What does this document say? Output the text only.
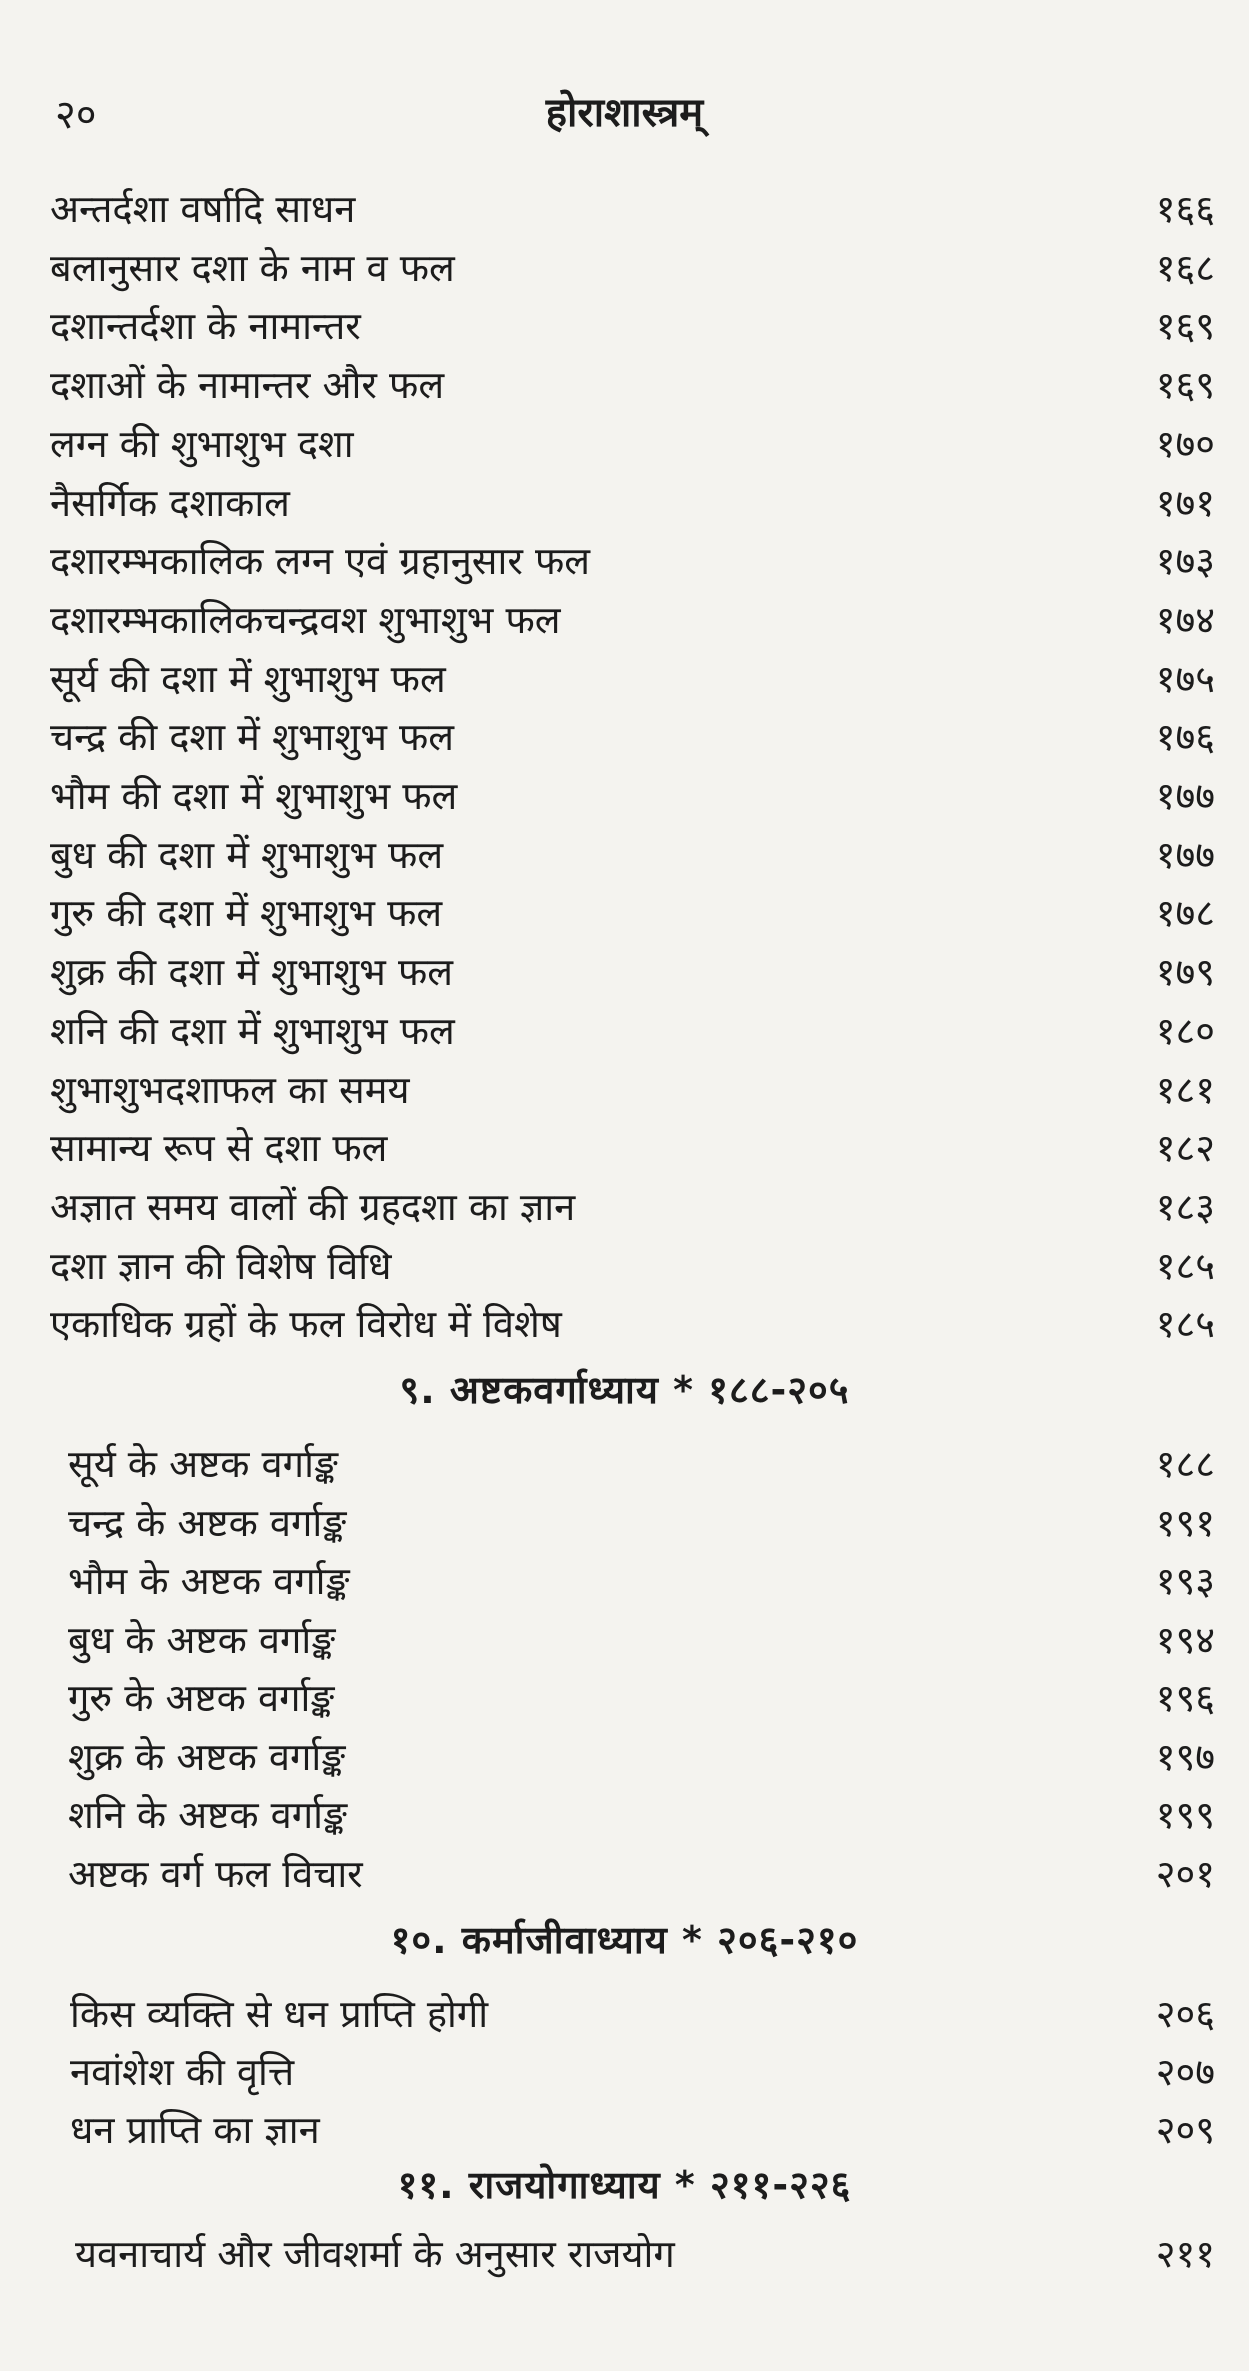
२०	होराशास्त्रम्
अन्तर्दशा वर्षादि साधन	१६६
बलानुसार दशा के नाम व फल	१६८
दशान्तर्दशा के नामान्तर	१६९
दशाओं के नामान्तर और फल	१६९
लग्न की शुभाशुभ दशा	१७०
नैसर्गिक दशाकाल	१७१
दशारम्भकालिक लग्न एवं ग्रहानुसार फल	१७३
दशारम्भकालिकचन्द्रवश शुभाशुभ फल	१७४
सूर्य की दशा में शुभाशुभ फल	१७५
चन्द्र की दशा में शुभाशुभ फल	१७६
भौम की दशा में शुभाशुभ फल	१७७
बुध की दशा में शुभाशुभ फल	१७७
गुरु की दशा में शुभाशुभ फल	१७८
शुक्र की दशा में शुभाशुभ फल	१७९
शनि की दशा में शुभाशुभ फल	१८०
शुभाशुभदशाफल का समय	१८१
सामान्य रूप से दशा फल	१८२
अज्ञात समय वालों की ग्रहदशा का ज्ञान	१८३
दशा ज्ञान की विशेष विधि	१८५
एकाधिक ग्रहों के फल विरोध में विशेष	१८५
९. अष्टकवर्गाध्याय * १८८-२०५
सूर्य के अष्टक वर्गाङ्क	१८८
चन्द्र के अष्टक वर्गाङ्क	१९१
भौम के अष्टक वर्गाङ्क	१९३
बुध के अष्टक वर्गाङ्क	१९४
गुरु के अष्टक वर्गाङ्क	१९६
शुक्र के अष्टक वर्गाङ्क	१९७
शनि के अष्टक वर्गाङ्क	१९९
अष्टक वर्ग फल विचार	२०१
१०. कर्माजीवाध्याय * २०६-२१०
किस व्यक्ति से धन प्राप्ति होगी	२०६
नवांशेश की वृत्ति	२०७
धन प्राप्ति का ज्ञान	२०९
११. राजयोगाध्याय * २११-२२६
यवनाचार्य और जीवशर्मा के अनुसार राजयोग	२११
